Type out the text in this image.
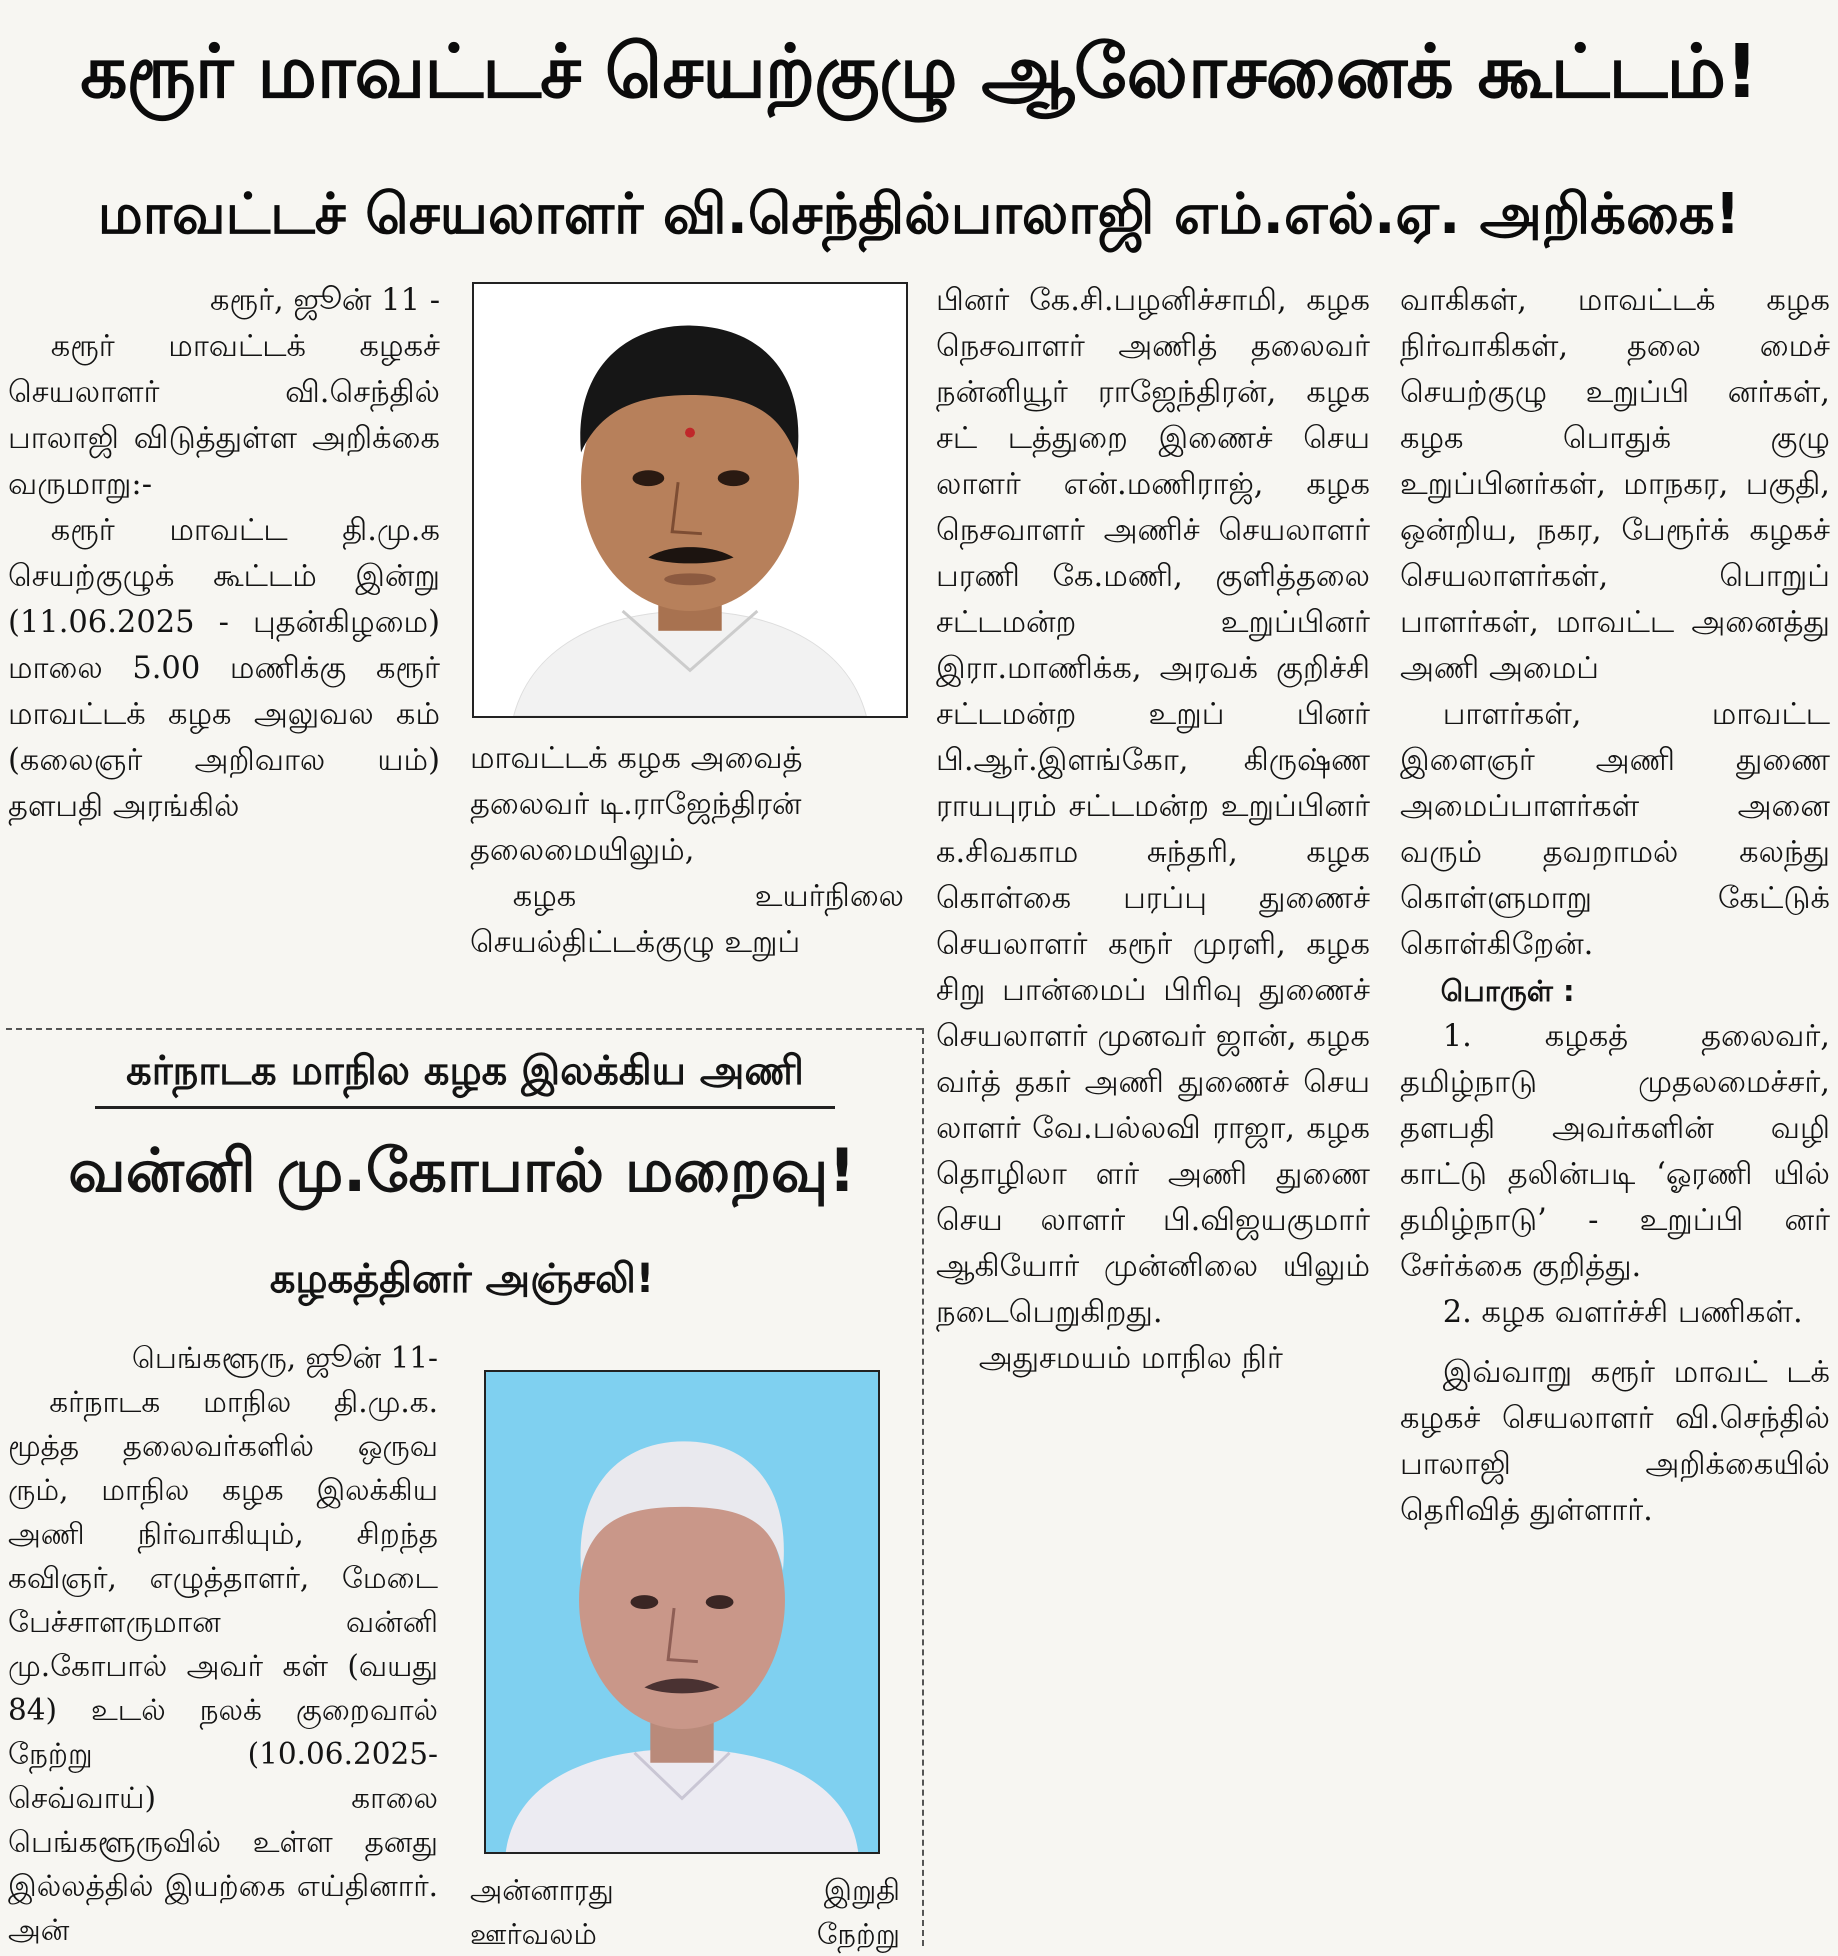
கரூர் மாவட்டச் செயற்குழு ஆலோசனைக் கூட்டம்!
மாவட்டச் செயலாளர் வி.செந்தில்பாலாஜி எம்.எல்.ஏ. அறிக்கை!

கரூர், ஜூன் 11 -

கரூர் மாவட்டக் கழகச் செயலாளர் வி.செந்தில் பாலாஜி விடுத்துள்ள அறிக்கை வருமாறு:-

கரூர் மாவட்ட தி.மு.க செயற்குழுக் கூட்டம் இன்று (11.06.2025 - புதன்கிழமை) மாலை 5.00 மணிக்கு கரூர் மாவட்டக் கழக அலுவல கம் (கலைஞர் அறிவால யம்) தளபதி அரங்கில்

மாவட்டக் கழக அவைத் தலைவர் டி.ராஜேந்திரன் தலைமையிலும்,

கழக உயர்நிலை செயல்திட்டக்குழு உறுப்

பினர் கே.சி.பழனிச்சாமி, கழக நெசவாளர் அணித் தலைவர் நன்னியூர் ராஜேந்திரன், கழக சட் டத்துறை இணைச் செய லாளர் என்.மணிராஜ், கழக நெசவாளர் அணிச் செயலாளர் பரணி கே.மணி, குளித்தலை சட்டமன்ற உறுப்பினர் இரா.மாணிக்க, அரவக் குறிச்சி சட்டமன்ற உறுப் பினர் பி.ஆர்.இளங்கோ, கிருஷ்ண ராயபுரம் சட்டமன்ற உறுப்பினர் க.சிவகாம சுந்தரி, கழக கொள்கை பரப்பு துணைச் செயலாளர் கரூர் முரளி, கழக சிறு பான்மைப் பிரிவு துணைச் செயலாளர் முனவர் ஜான், கழக வர்த் தகர் அணி துணைச் செய லாளர் வே.பல்லவி ராஜா, கழக தொழிலா ளர் அணி துணை செய லாளர் பி.விஜயகுமார் ஆகியோர் முன்னிலை யிலும் நடைபெறுகிறது.

அதுசமயம் மாநில நிர்

வாகிகள், மாவட்டக் கழக நிர்வாகிகள், தலை மைச் செயற்குழு உறுப்பி னர்கள், கழக பொதுக் குழு உறுப்பினர்கள், மாநகர, பகுதி, ஒன்றிய, நகர, பேரூர்க் கழகச் செயலாளர்கள், பொறுப் பாளர்கள், மாவட்ட அனைத்து அணி அமைப்

பாளர்கள், மாவட்ட இளைஞர் அணி துணை அமைப்பாளர்கள் அனை வரும் தவறாமல் கலந்து கொள்ளுமாறு கேட்டுக் கொள்கிறேன்.

பொருள் :

1. கழகத் தலைவர், தமிழ்நாடு முதலமைச்சர், தளபதி அவர்களின் வழி காட்டு தலின்படி ‘ஓரணி யில் தமிழ்நாடு’ - உறுப்பி னர் சேர்க்கை குறித்து.

2. கழக வளர்ச்சி பணிகள்.

இவ்வாறு கரூர் மாவட் டக் கழகச் செயலாளர் வி.செந்தில் பாலாஜி அறிக்கையில் தெரிவித் துள்ளார்.

கர்நாடக மாநில கழக இலக்கிய அணி
வன்னி மு.கோபால் மறைவு!
கழகத்தினர் அஞ்சலி!

பெங்களூரு, ஜூன் 11-

கர்நாடக மாநில தி.மு.க. மூத்த தலைவர்களில் ஒருவ ரும், மாநில கழக இலக்கிய அணி நிர்வாகியும், சிறந்த கவிஞர், எழுத்தாளர், மேடை பேச்சாளருமான வன்னி மு.கோபால் அவர் கள் (வயது 84) உடல் நலக் குறைவால் நேற்று (10.06.2025-செவ்வாய்) காலை பெங்களூருவில் உள்ள தனது இல்லத்தில் இயற்கை எய்தினார். அன்

அன்னாரது இறுதி

ஊர்வலம் நேற்று
